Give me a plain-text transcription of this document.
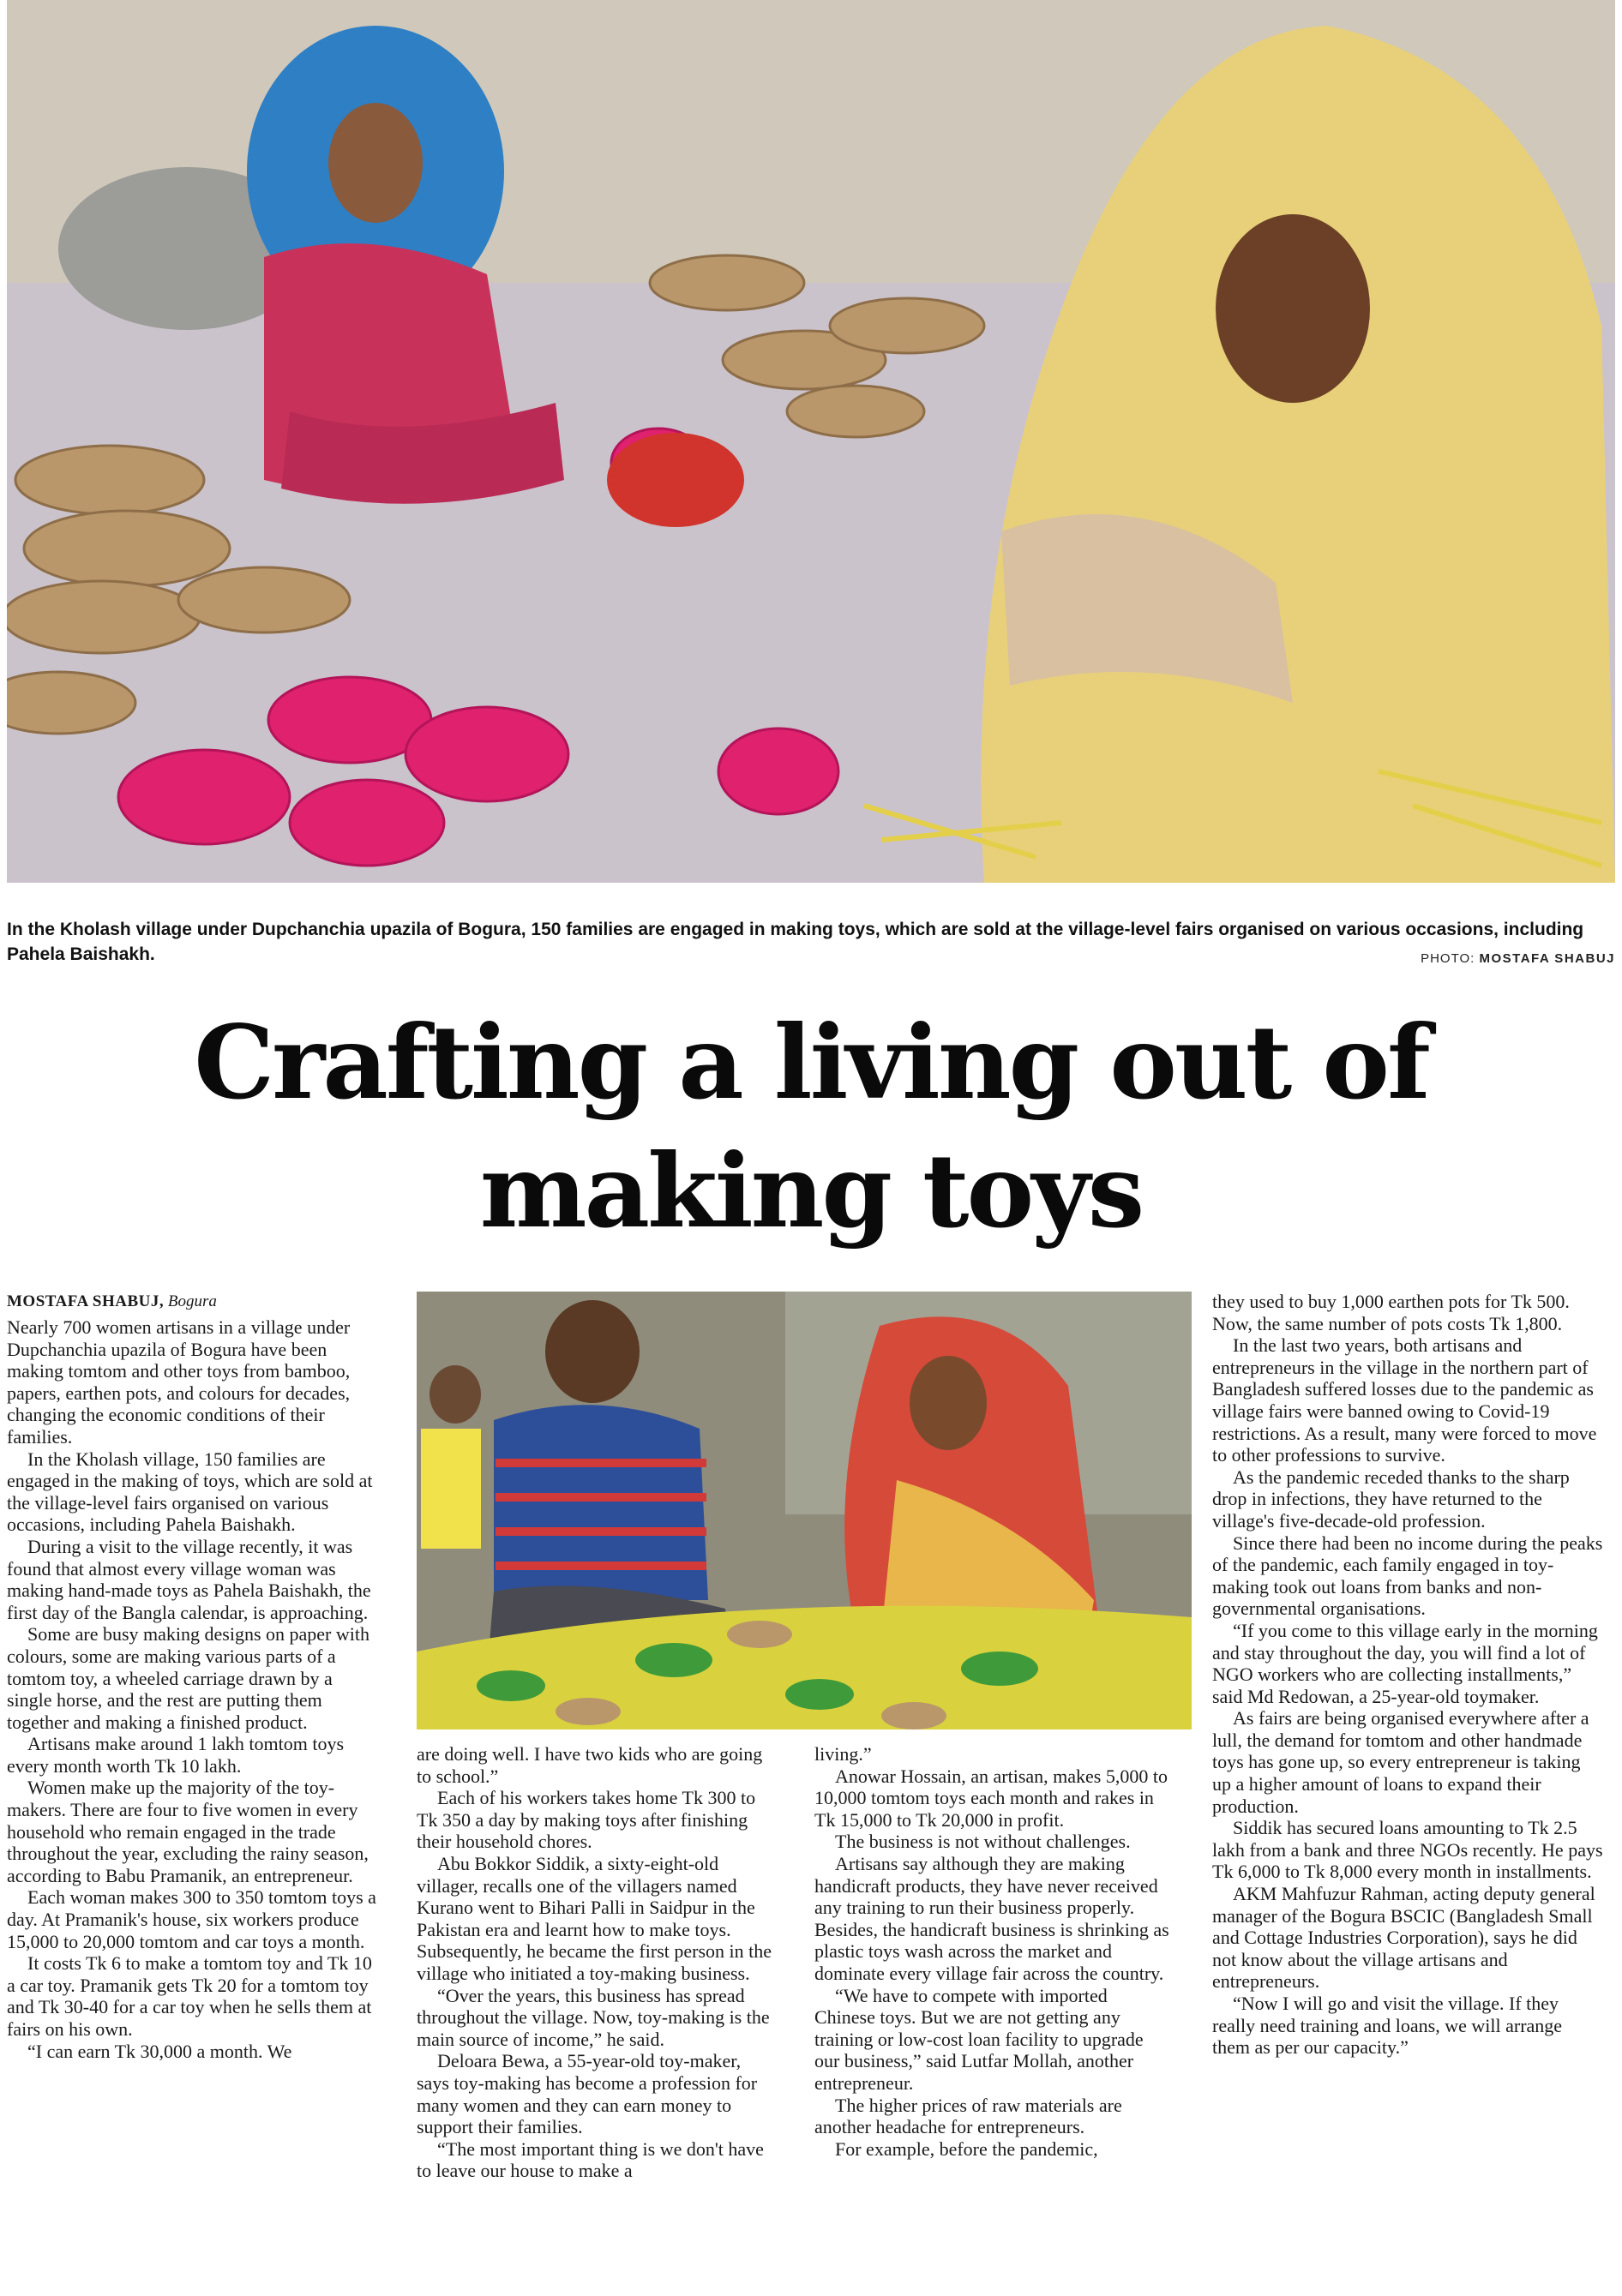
In the Kholash village under Dupchanchia upazila of Bogura, 150 families are engaged in making toys, which are sold at the village-level fairs organised on various occasions, including Pahela Baishakh.	PHOTO: MOSTAFA SHABUJ
Crafting a living out of making toys
MOSTAFA SHABUJ, Bogura

Nearly 700 women artisans in a village under Dupchanchia upazila of Bogura have been making tomtom and other toys from bamboo, papers, earthen pots, and colours for decades, changing the economic conditions of their families.

In the Kholash village, 150 families are engaged in the making of toys, which are sold at the village-level fairs organised on various occasions, including Pahela Baishakh.

During a visit to the village recently, it was found that almost every village woman was making hand-made toys as Pahela Baishakh, the first day of the Bangla calendar, is approaching.

Some are busy making designs on paper with colours, some are making various parts of a tomtom toy, a wheeled carriage drawn by a single horse, and the rest are putting them together and making a finished product.

Artisans make around 1 lakh tomtom toys every month worth Tk 10 lakh.

Women make up the majority of the toy-makers. There are four to five women in every household who remain engaged in the trade throughout the year, excluding the rainy season, according to Babu Pramanik, an entrepreneur.

Each woman makes 300 to 350 tomtom toys a day. At Pramanik's house, six workers produce 15,000 to 20,000 tomtom and car toys a month.

It costs Tk 6 to make a tomtom toy and Tk 10 a car toy. Pramanik gets Tk 20 for a tomtom toy and Tk 30-40 for a car toy when he sells them at fairs on his own.

“I can earn Tk 30,000 a month. We

are doing well. I have two kids who are going to school.”

Each of his workers takes home Tk 300 to Tk 350 a day by making toys after finishing their household chores.

Abu Bokkor Siddik, a sixty-eight-old villager, recalls one of the villagers named Kurano went to Bihari Palli in Saidpur in the Pakistan era and learnt how to make toys. Subsequently, he became the first person in the village who initiated a toy-making business.

“Over the years, this business has spread throughout the village. Now, toy-making is the main source of income,” he said.

Deloara Bewa, a 55-year-old toy-maker, says toy-making has become a profession for many women and they can earn money to support their families.

“The most important thing is we don't have to leave our house to make a

living.”

Anowar Hossain, an artisan, makes 5,000 to 10,000 tomtom toys each month and rakes in Tk 15,000 to Tk 20,000 in profit.

The business is not without challenges.

Artisans say although they are making handicraft products, they have never received any training to run their business properly. Besides, the handicraft business is shrinking as plastic toys wash across the market and dominate every village fair across the country.

“We have to compete with imported Chinese toys. But we are not getting any training or low-cost loan facility to upgrade our business,” said Lutfar Mollah, another entrepreneur.

The higher prices of raw materials are another headache for entrepreneurs.

For example, before the pandemic,

they used to buy 1,000 earthen pots for Tk 500. Now, the same number of pots costs Tk 1,800.

In the last two years, both artisans and entrepreneurs in the village in the northern part of Bangladesh suffered losses due to the pandemic as village fairs were banned owing to Covid-19 restrictions. As a result, many were forced to move to other professions to survive.

As the pandemic receded thanks to the sharp drop in infections, they have returned to the village's five-decade-old profession.

Since there had been no income during the peaks of the pandemic, each family engaged in toy-making took out loans from banks and non-governmental organisations.

“If you come to this village early in the morning and stay throughout the day, you will find a lot of NGO workers who are collecting installments,” said Md Redowan, a 25-year-old toymaker.

As fairs are being organised everywhere after a lull, the demand for tomtom and other handmade toys has gone up, so every entrepreneur is taking up a higher amount of loans to expand their production.

Siddik has secured loans amounting to Tk 2.5 lakh from a bank and three NGOs recently. He pays Tk 6,000 to Tk 8,000 every month in installments.

AKM Mahfuzur Rahman, acting deputy general manager of the Bogura BSCIC (Bangladesh Small and Cottage Industries Corporation), says he did not know about the village artisans and entrepreneurs.

“Now I will go and visit the village. If they really need training and loans, we will arrange them as per our capacity.”
